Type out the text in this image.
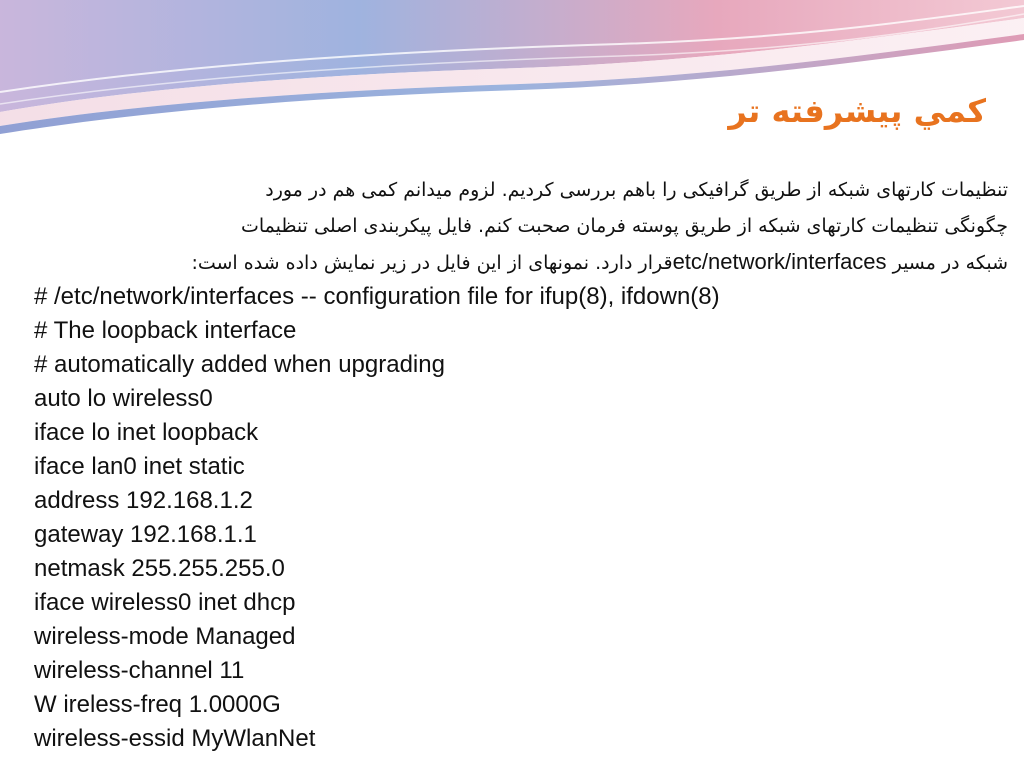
كمي پيشرفته تر

تنظیمات کارتهای شبکه از طریق گرافیکی را باهم بررسی کردیم. لزوم میدانم کمی هم در مورد
چگونگی تنظیمات کارتهای شبکه از طریق پوسته فرمان صحبت کنم. فایل پیکربندی اصلی تنظیمات
شبکه در مسیر etc/network/interfacesقرار دارد. نمونهای از این فایل در زیر نمایش داده شده است:

# /etc/network/interfaces -- configuration file for ifup(8), ifdown(8)
# The loopback interface
# automatically added when upgrading
auto lo wireless0
iface lo inet loopback
iface lan0 inet static
address 192.168.1.2
gateway 192.168.1.1
netmask 255.255.255.0
iface wireless0 inet dhcp
wireless-mode Managed
wireless-channel 11
W ireless-freq 1.0000G
wireless-essid MyWlanNet
